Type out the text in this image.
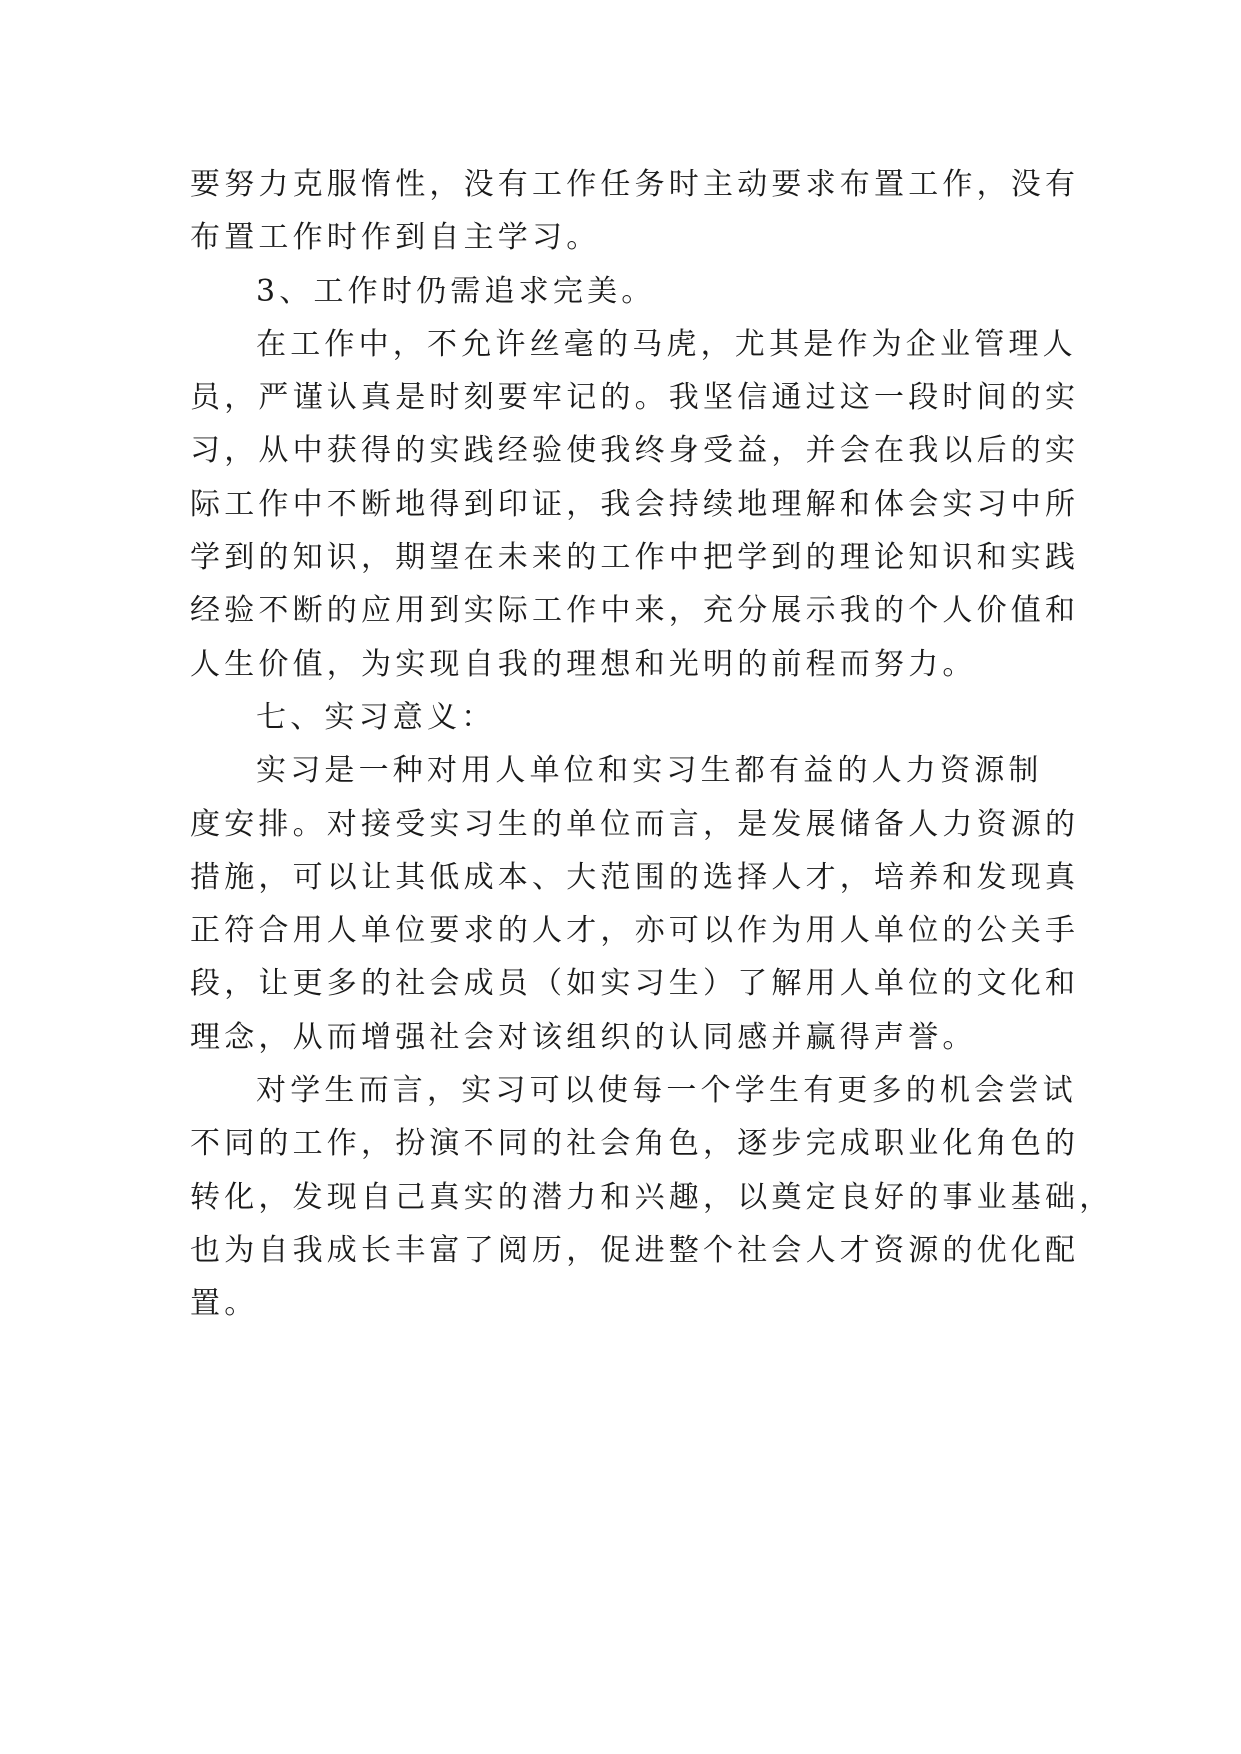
要努力克服惰性，没有工作任务时主动要求布置工作，没有
布置工作时作到自主学习。
3、工作时仍需追求完美。
在工作中，不允许丝毫的马虎，尤其是作为企业管理人
员，严谨认真是时刻要牢记的。我坚信通过这一段时间的实
习，从中获得的实践经验使我终身受益，并会在我以后的实
际工作中不断地得到印证，我会持续地理解和体会实习中所
学到的知识，期望在未来的工作中把学到的理论知识和实践
经验不断的应用到实际工作中来，充分展示我的个人价值和
人生价值，为实现自我的理想和光明的前程而努力。
七、实习意义：
实习是一种对用人单位和实习生都有益的人力资源制
度安排。对接受实习生的单位而言，是发展储备人力资源的
措施，可以让其低成本、大范围的选择人才，培养和发现真
正符合用人单位要求的人才，亦可以作为用人单位的公关手
段，让更多的社会成员（如实习生）了解用人单位的文化和
理念，从而增强社会对该组织的认同感并赢得声誉。
对学生而言，实习可以使每一个学生有更多的机会尝试
不同的工作，扮演不同的社会角色，逐步完成职业化角色的
转化，发现自己真实的潜力和兴趣，以奠定良好的事业基础，
也为自我成长丰富了阅历，促进整个社会人才资源的优化配
置。
